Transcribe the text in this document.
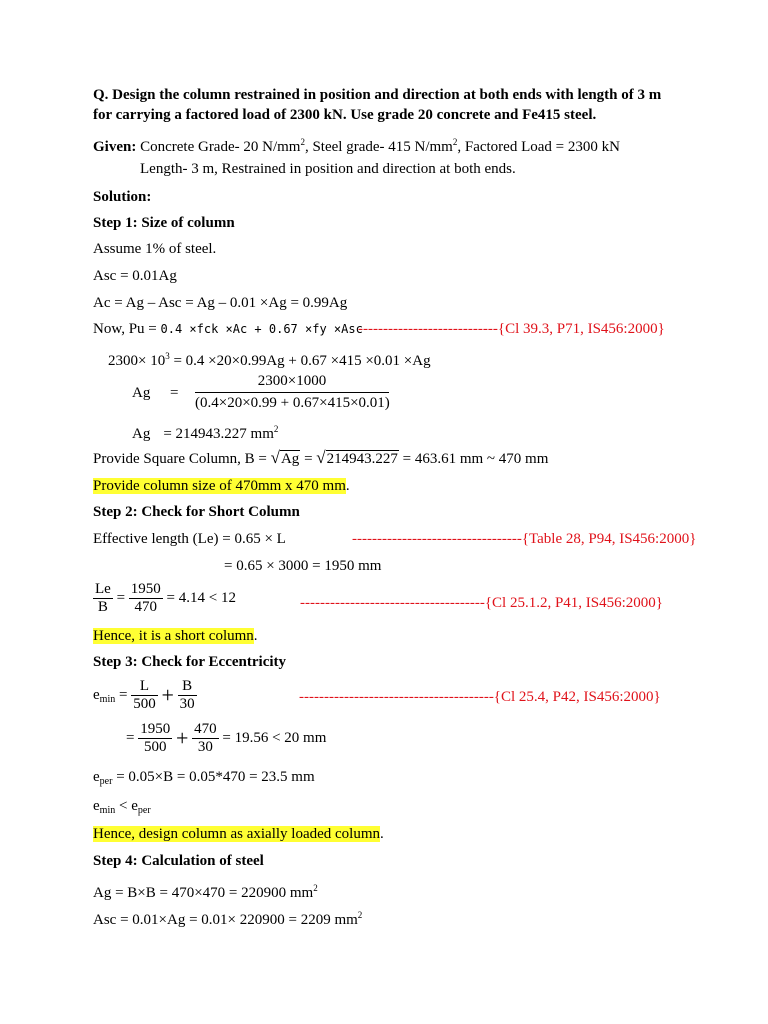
Q. Design the column restrained in position and direction at both ends with length of 3 m
for carrying a factored load of 2300 kN. Use grade 20 concrete and Fe415 steel.
Given: Concrete Grade- 20 $N/mm^2$, Steel grade- 415 $N/mm^2$, Factored Load = 2300 kN
Length- 3 m, Restrained in position and direction at both ends.
Solution:
Step 1: Size of column
Assume 1% of steel.
Asc = 0.01Ag
Ac = Ag – Asc = Ag – 0.01 ×Ag = 0.99Ag
Now, Pu = 0.4 ×fck ×Ac + 0.67 ×fy ×Asc
----------------------------{Cl 39.3, P71, IS456:2000}
$2300\times 10^3 = 0.4 \times 20\times 0.99Ag + 0.67 \times 415 \times 0.01 \times Ag$
Ag =
2300×1000
(0.4×20×0.99 + 0.67×415×0.01)
Ag = 214943.227 $mm^2$
Provide Square Column, B = √Ag = √214943.227 = 463.61 mm ~ 470 mm
Provide column size of 470mm x 470 mm.
Step 2: Check for Short Column
Effective length (Le) = 0.65 × L	----------------------------------{Table 28, P94, IS456:2000}
= 0.65 × 3000 = 1950 mm
$\frac{Le}{B} = \frac{1950}{470} = 4.14 < 12$	-------------------------------------{Cl 25.1.2, P41, IS456:2000}
Hence, it is a short column.
Step 3: Check for Eccentricity
$e_{min} = \frac{L}{500} + \frac{B}{30}$	---------------------------------------{Cl 25.4, P42, IS456:2000}
= $\frac{1950}{500} + \frac{470}{30} = 19.56 < 20$ mm
$e_{per} = 0.05\times B = 0.05*470 = 23.5$ mm
$e_{min} < e_{per}$
Hence, design column as axially loaded column.
Step 4: Calculation of steel
Ag = B×B = 470×470 = 220900 $mm^2$
Asc = 0.01×Ag = 0.01× 220900 = 2209 $mm^2$
